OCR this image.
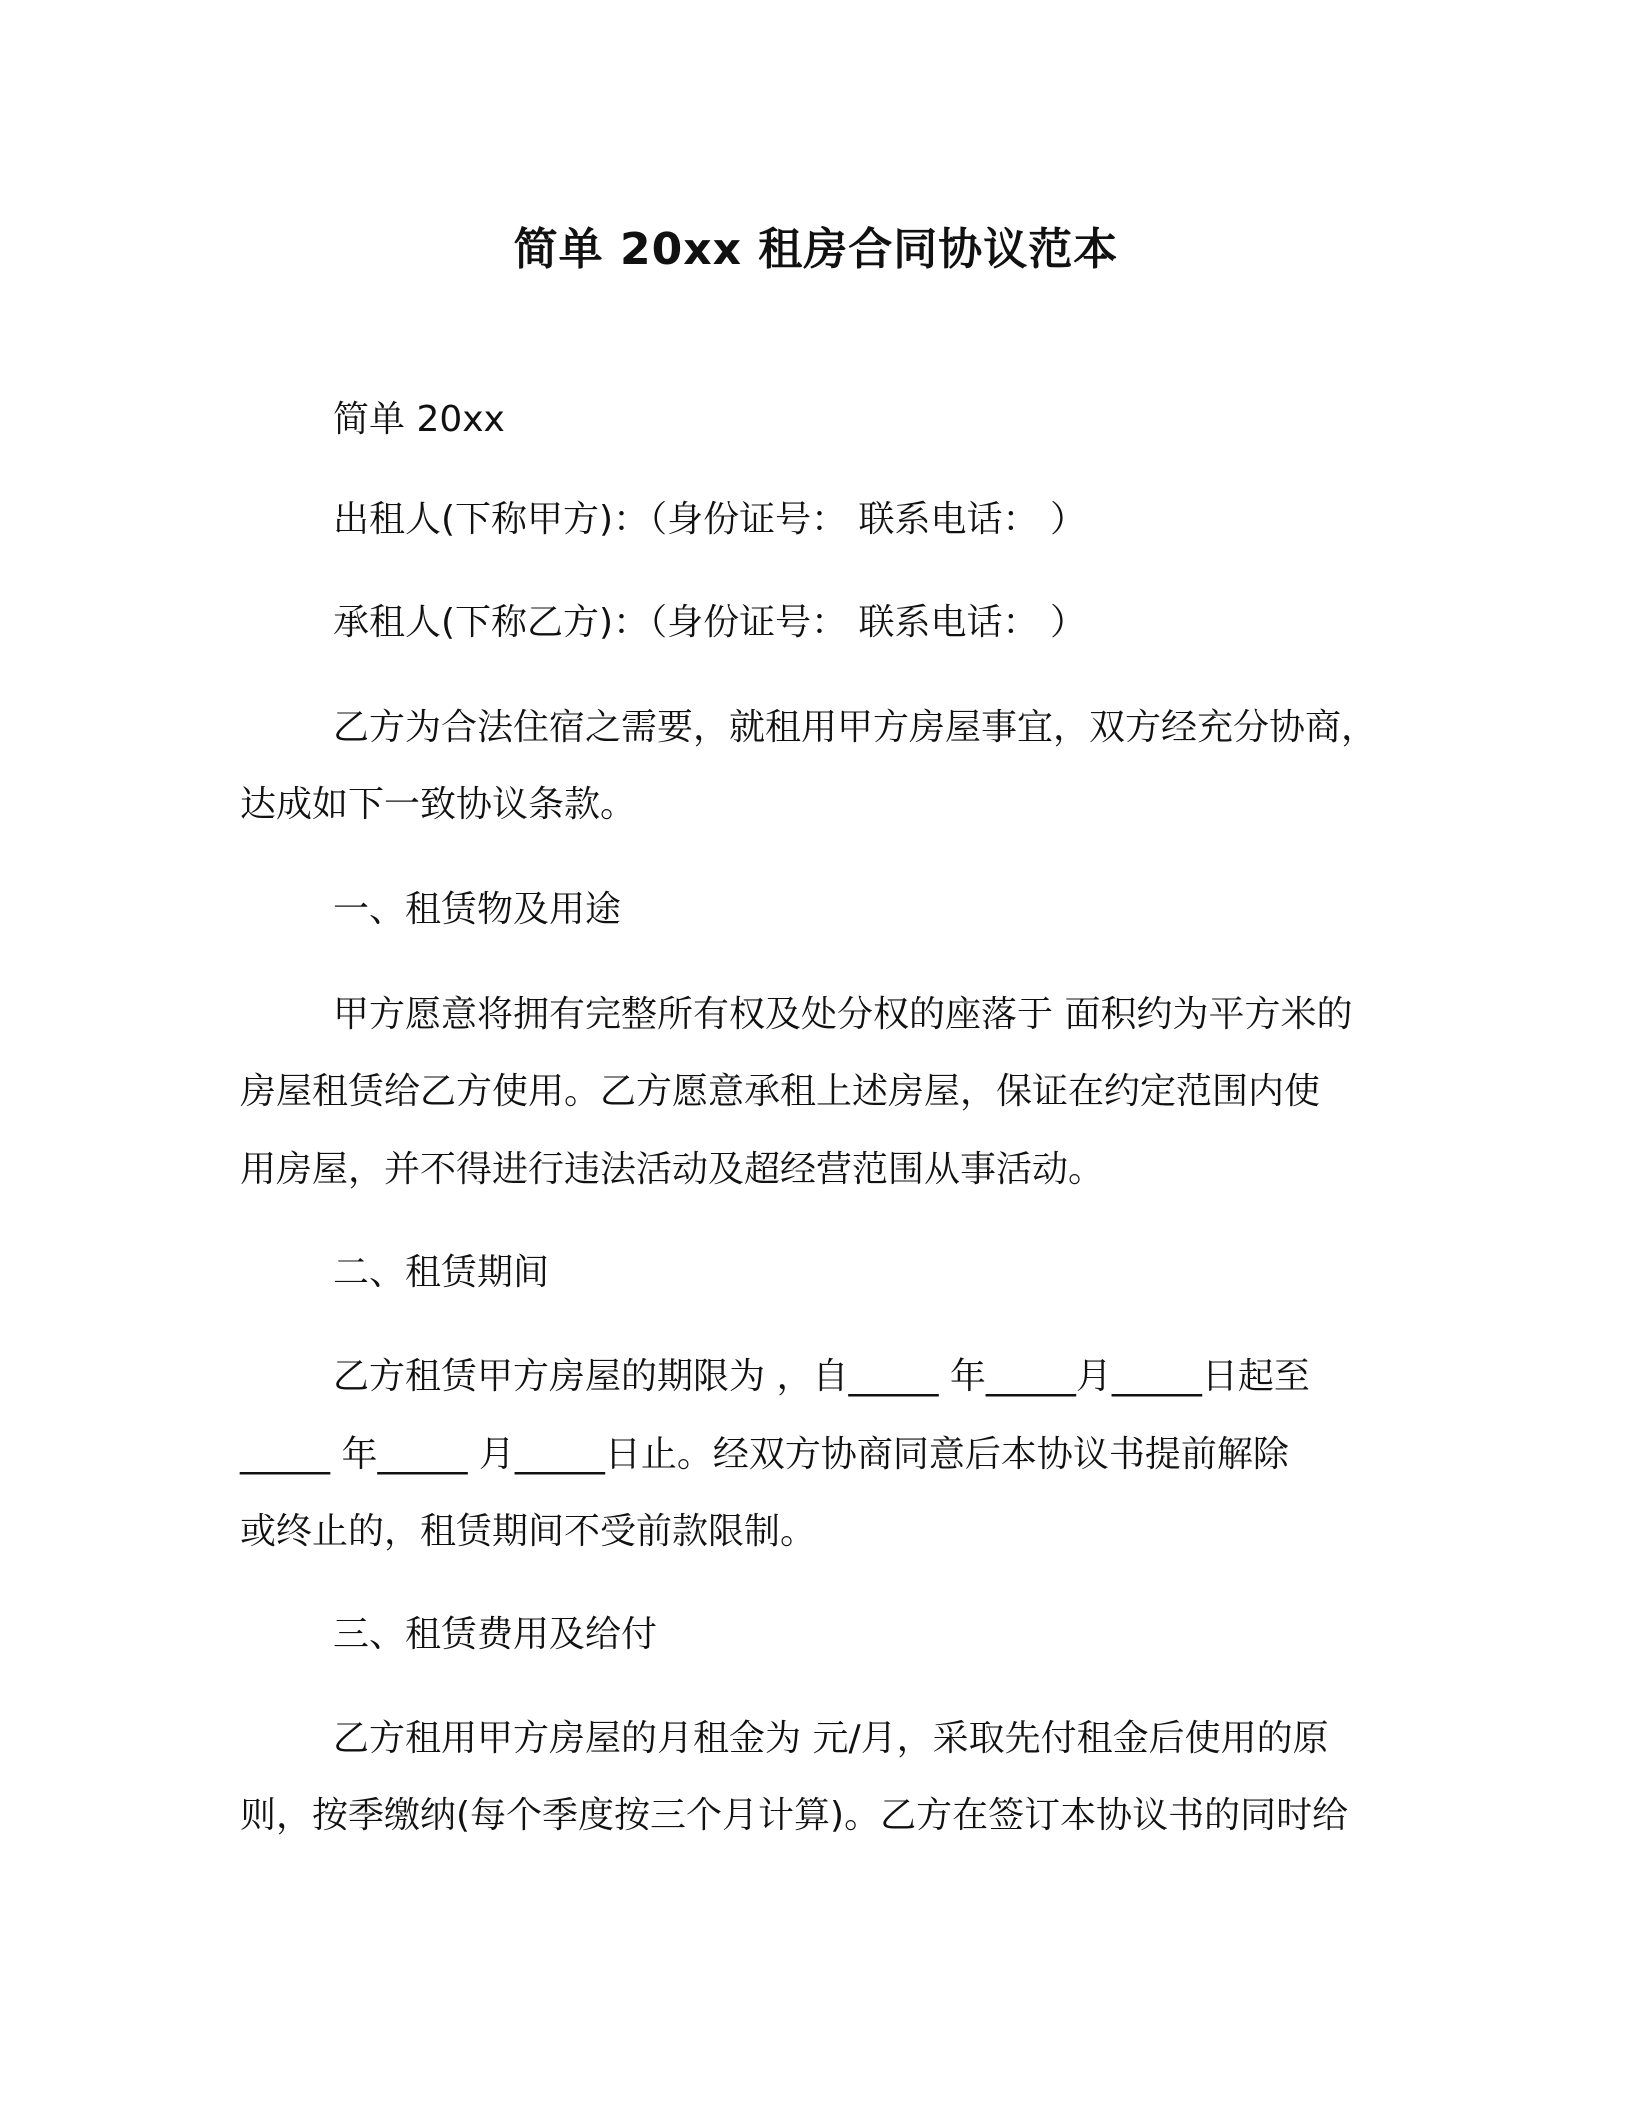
简单 20xx 租房合同协议范本

简单 20xx

出租人(下称甲方)：（身份证号： 联系电话： ）

承租人(下称乙方)：（身份证号： 联系电话： ）

乙方为合法住宿之需要，就租用甲方房屋事宜，双方经充分协商，

达成如下一致协议条款。

一、租赁物及用途

甲方愿意将拥有完整所有权及处分权的座落于 面积约为平方米的

房屋租赁给乙方使用。乙方愿意承租上述房屋，保证在约定范围内使

用房屋，并不得进行违法活动及超经营范围从事活动。

二、租赁期间

乙方租赁甲方房屋的期限为 ，自_____ 年_____月_____日起至

_____ 年_____ 月_____日止。经双方协商同意后本协议书提前解除

或终止的，租赁期间不受前款限制。

三、租赁费用及给付

乙方租用甲方房屋的月租金为 元/月，采取先付租金后使用的原

则，按季缴纳(每个季度按三个月计算)。乙方在签订本协议书的同时给
